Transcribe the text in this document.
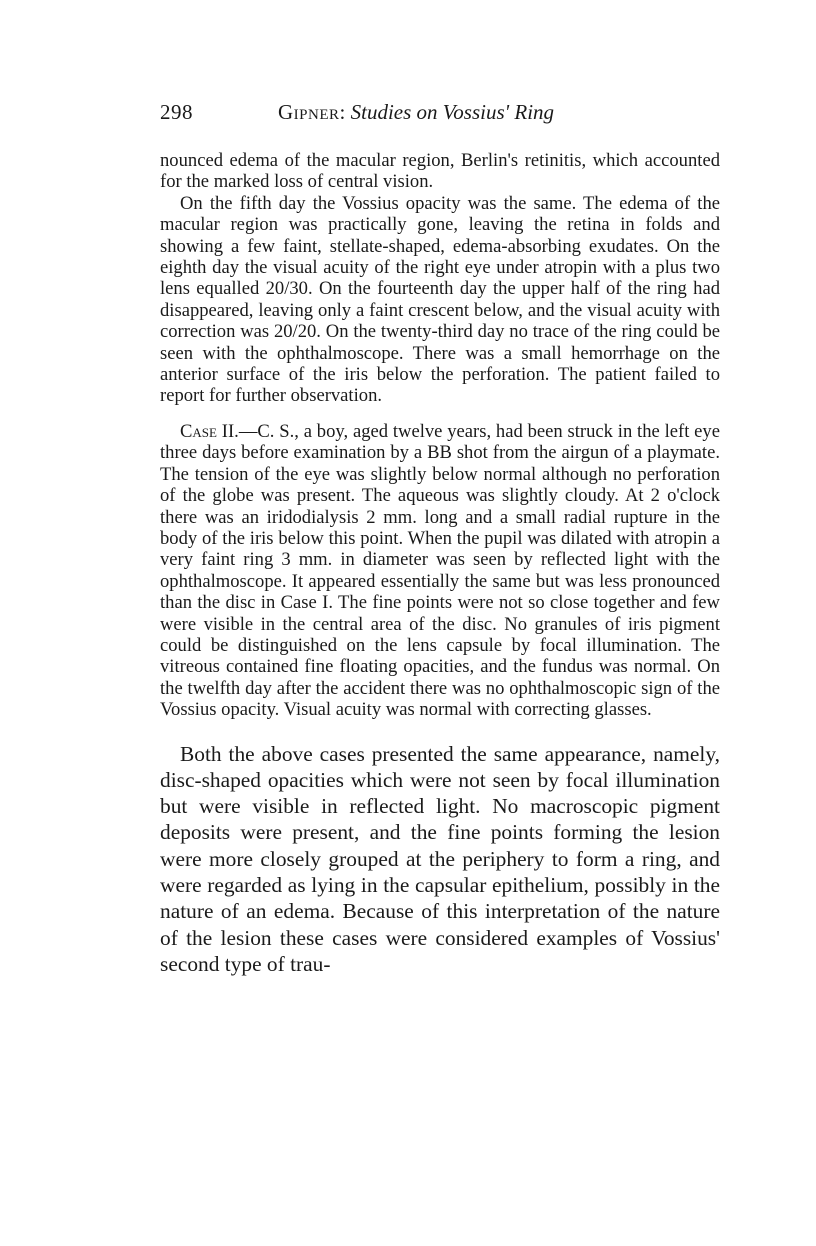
298	Gipner: Studies on Vossius' Ring

nounced edema of the macular region, Berlin's retinitis, which accounted for the marked loss of central vision.

On the fifth day the Vossius opacity was the same. The edema of the macular region was practically gone, leaving the retina in folds and showing a few faint, stellate-shaped, edema-absorbing exudates. On the eighth day the visual acuity of the right eye under atropin with a plus two lens equalled 20/30. On the fourteenth day the upper half of the ring had disappeared, leaving only a faint crescent below, and the visual acuity with correction was 20/20. On the twenty-third day no trace of the ring could be seen with the ophthalmoscope. There was a small hemorrhage on the anterior surface of the iris below the perforation. The patient failed to report for further observation.

Case II.—C. S., a boy, aged twelve years, had been struck in the left eye three days before examination by a BB shot from the airgun of a playmate. The tension of the eye was slightly below normal although no perforation of the globe was present. The aqueous was slightly cloudy. At 2 o'clock there was an iridodialysis 2 mm. long and a small radial rupture in the body of the iris below this point. When the pupil was dilated with atropin a very faint ring 3 mm. in diameter was seen by reflected light with the ophthalmoscope. It appeared essentially the same but was less pronounced than the disc in Case I. The fine points were not so close together and few were visible in the central area of the disc. No granules of iris pigment could be distinguished on the lens capsule by focal illumination. The vitreous contained fine floating opacities, and the fundus was normal. On the twelfth day after the accident there was no ophthalmoscopic sign of the Vossius opacity. Visual acuity was normal with correcting glasses.

Both the above cases presented the same appearance, namely, disc-shaped opacities which were not seen by focal illumination but were visible in reflected light. No macroscopic pigment deposits were present, and the fine points forming the lesion were more closely grouped at the periphery to form a ring, and were regarded as lying in the capsular epithelium, possibly in the nature of an edema. Because of this interpretation of the nature of the lesion these cases were considered examples of Vossius' second type of trau-
